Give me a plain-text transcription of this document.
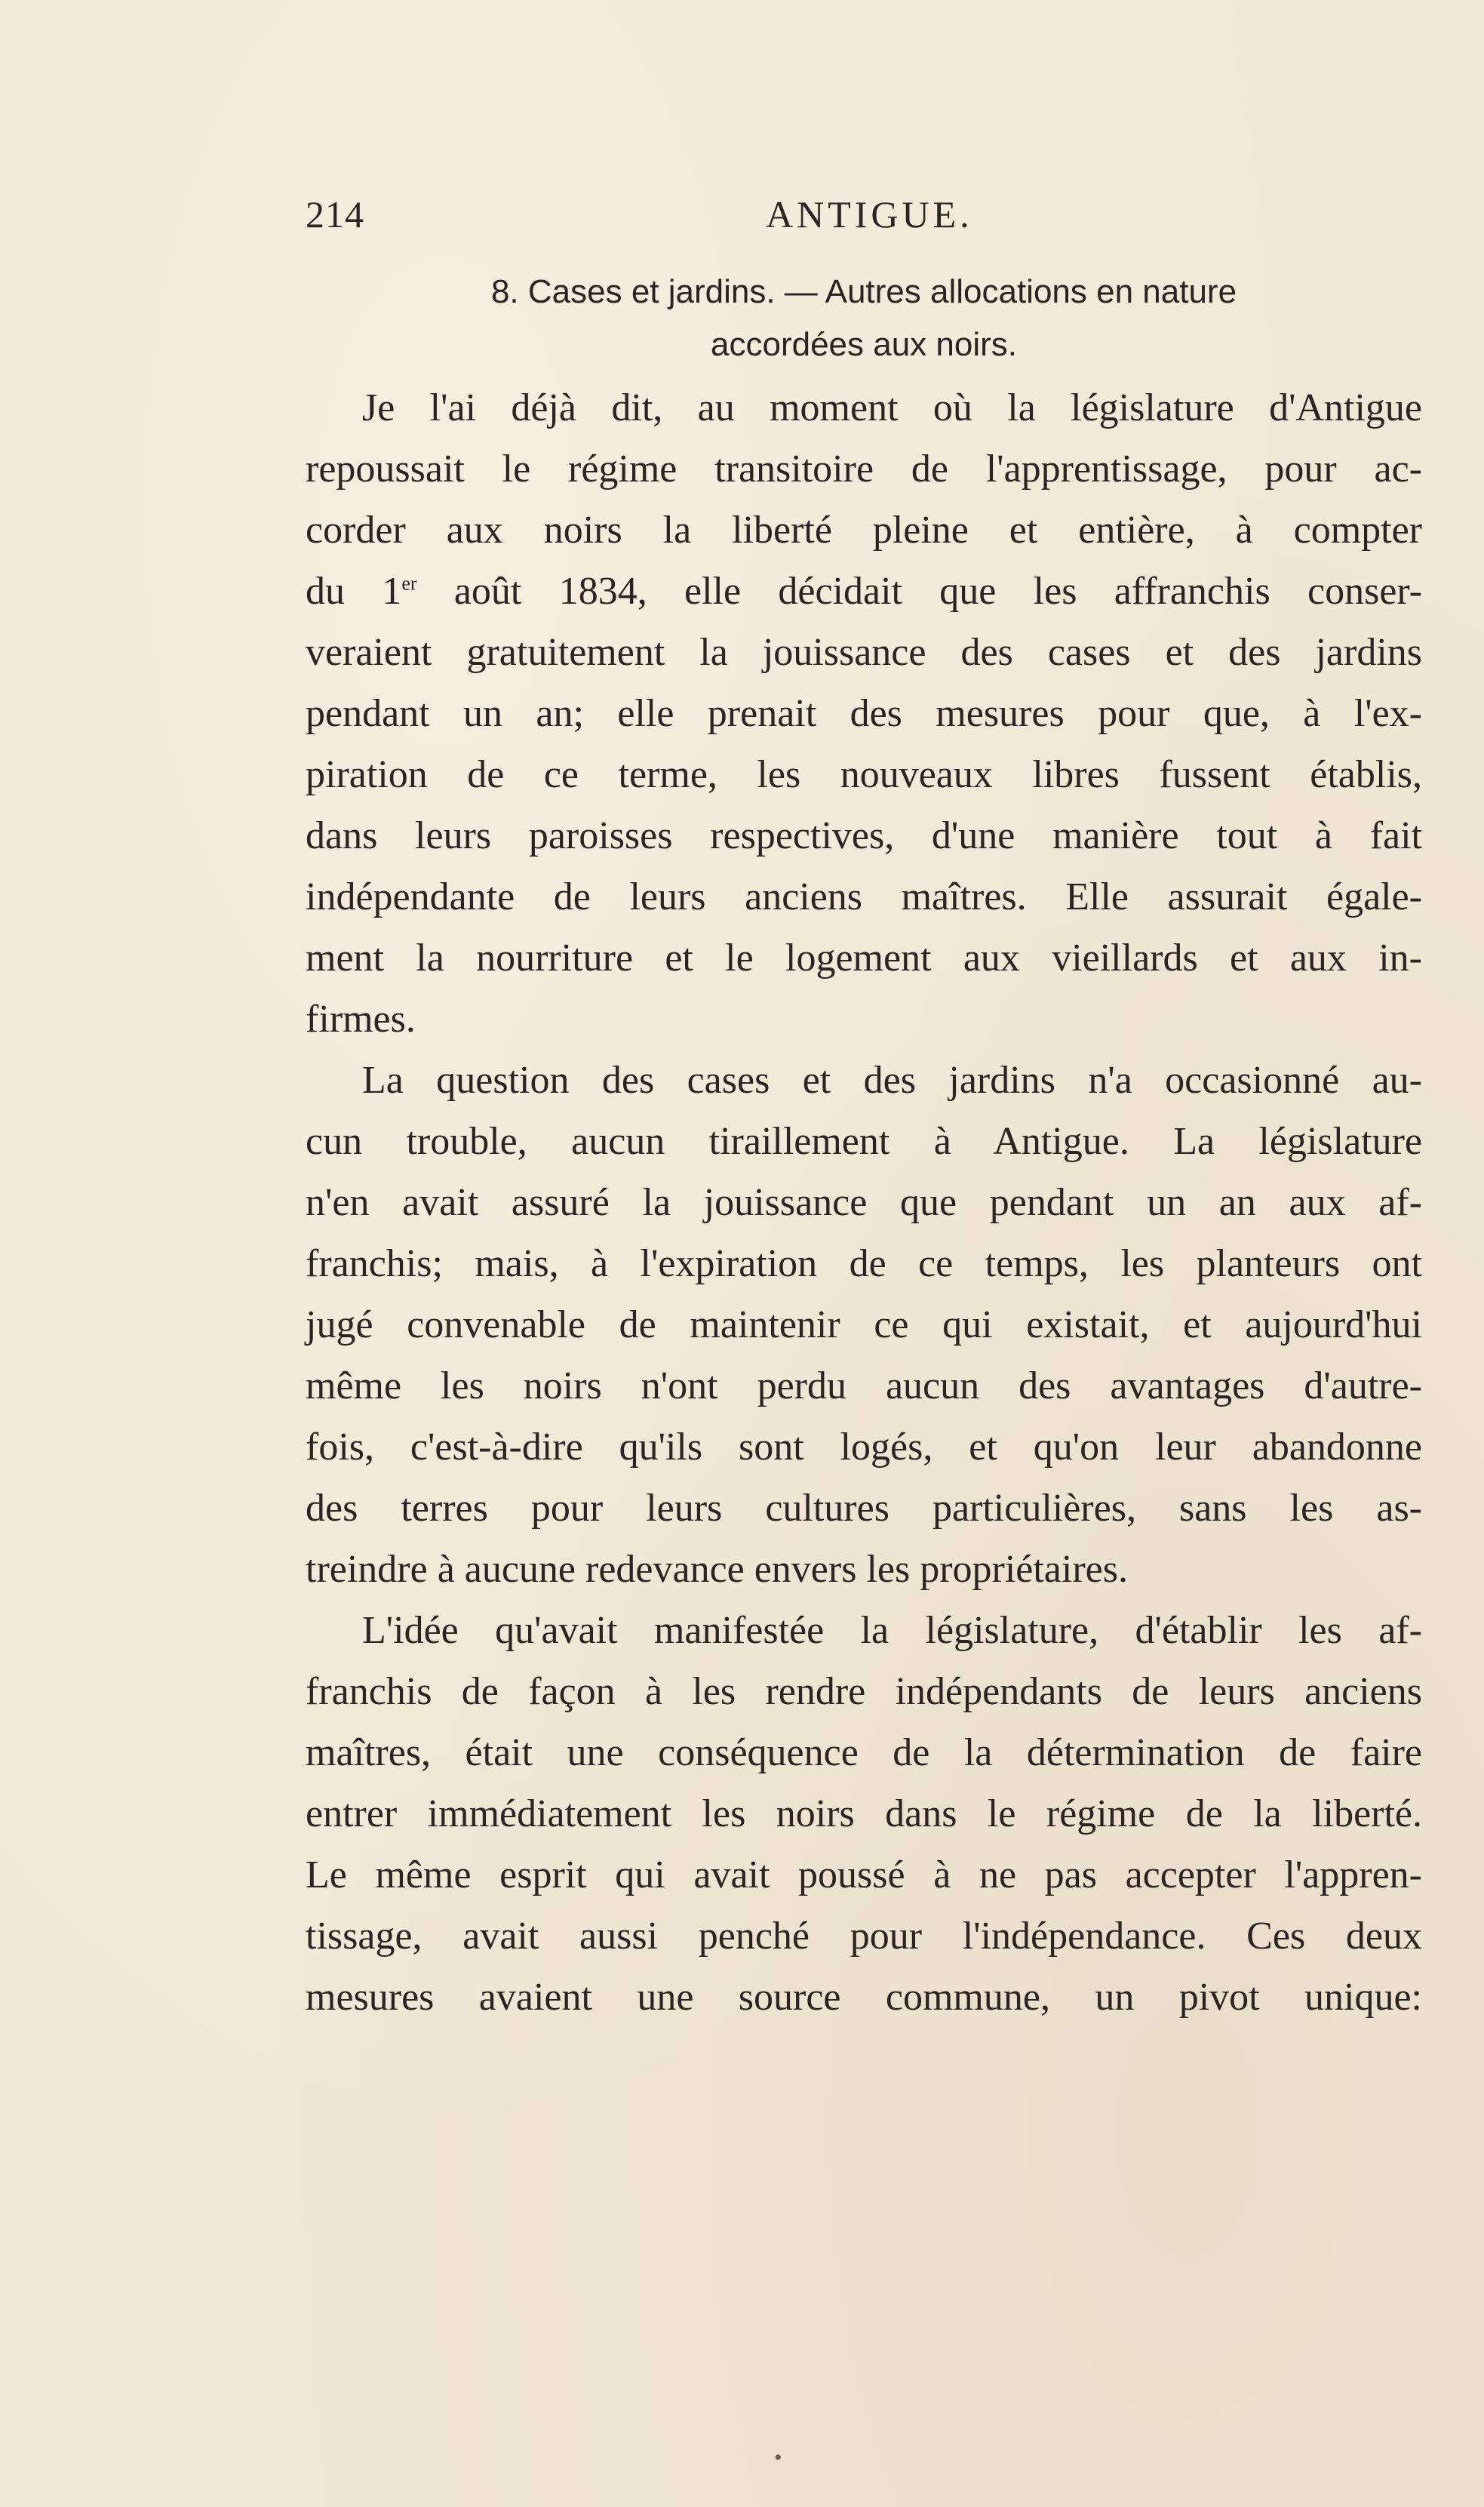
214	ANTIGUE.
8. Cases et jardins. — Autres allocations en nature
accordées aux noirs.
Je l'ai déjà dit, au moment où la législature d'Antigue
repoussait le régime transitoire de l'apprentissage, pour ac-
corder aux noirs la liberté pleine et entière, à compter
du 1er août 1834, elle décidait que les affranchis conser-
veraient gratuitement la jouissance des cases et des jardins
pendant un an; elle prenait des mesures pour que, à l'ex-
piration de ce terme, les nouveaux libres fussent établis,
dans leurs paroisses respectives, d'une manière tout à fait
indépendante de leurs anciens maîtres. Elle assurait égale-
ment la nourriture et le logement aux vieillards et aux in-
firmes.
La question des cases et des jardins n'a occasionné au-
cun trouble, aucun tiraillement à Antigue. La législature
n'en avait assuré la jouissance que pendant un an aux af-
franchis; mais, à l'expiration de ce temps, les planteurs ont
jugé convenable de maintenir ce qui existait, et aujourd'hui
même les noirs n'ont perdu aucun des avantages d'autre-
fois, c'est-à-dire qu'ils sont logés, et qu'on leur abandonne
des terres pour leurs cultures particulières, sans les as-
treindre à aucune redevance envers les propriétaires.
L'idée qu'avait manifestée la législature, d'établir les af-
franchis de façon à les rendre indépendants de leurs anciens
maîtres, était une conséquence de la détermination de faire
entrer immédiatement les noirs dans le régime de la liberté.
Le même esprit qui avait poussé à ne pas accepter l'appren-
tissage, avait aussi penché pour l'indépendance. Ces deux
mesures avaient une source commune, un pivot unique:
•
